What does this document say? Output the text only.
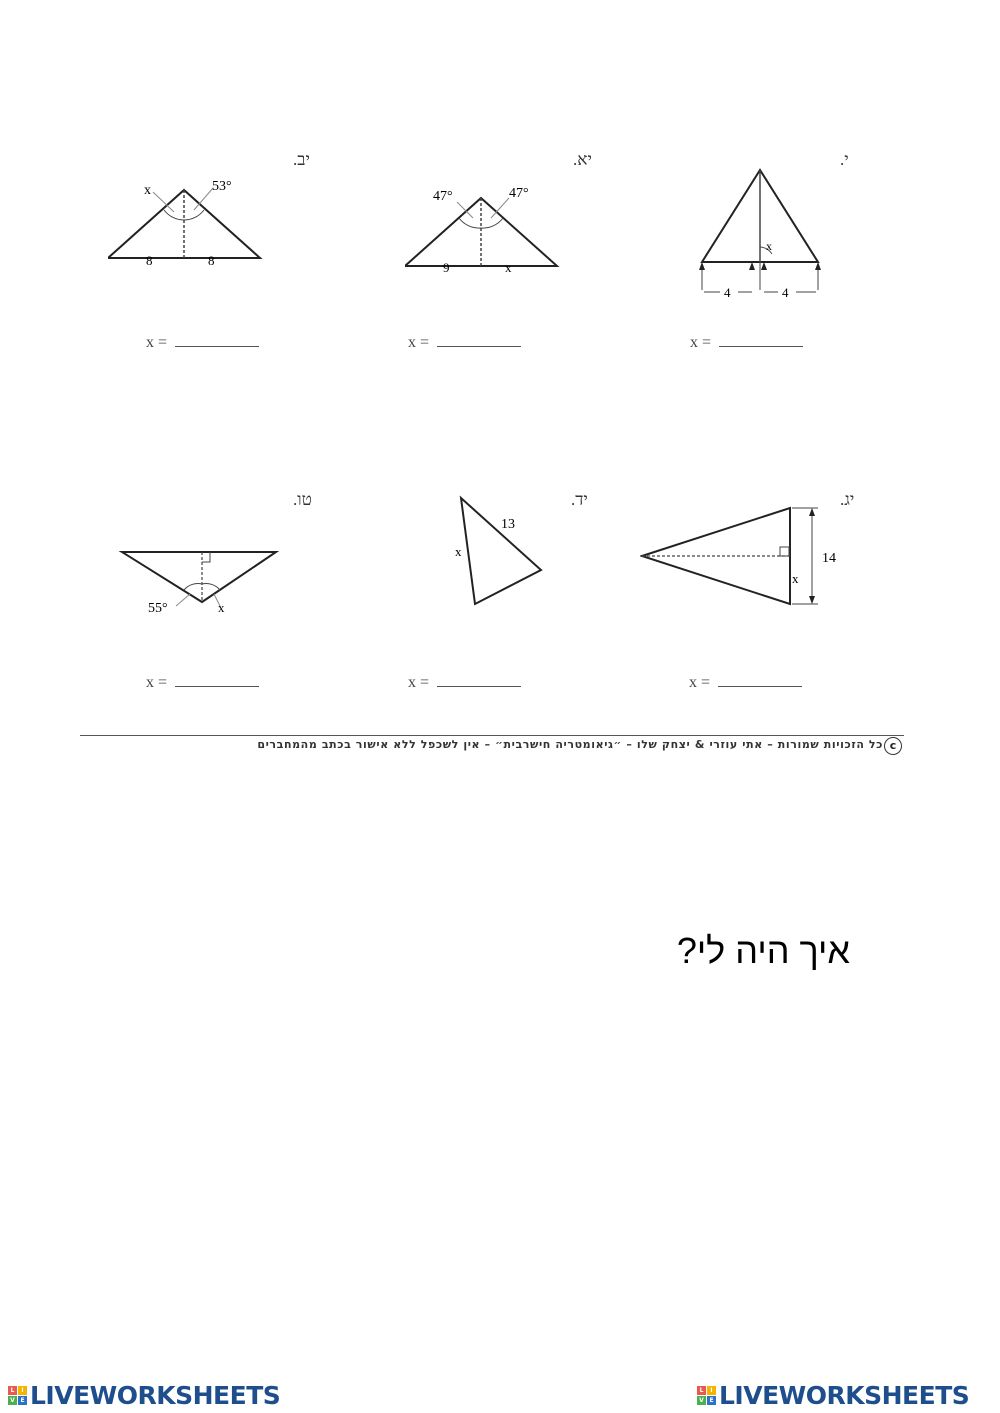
י.
x
4	4
x =
יא.
47°	47°
9	x
x =
יב.
x	53°
8	8
x =
יג.
14
x
x =
יד.
13
x
x =
טו.
55°	x
x =
כל הזכויות שמורות – אתי עוזרי & יצחק שלו – ״גיאומטריה חישרבית״ – אין לשכפל ללא אישור בכתב מהמחברים c
איך היה לי?
L	I
V E LIVEWORKSHEETS	L	I
V E LIVEWORKSHEETS
